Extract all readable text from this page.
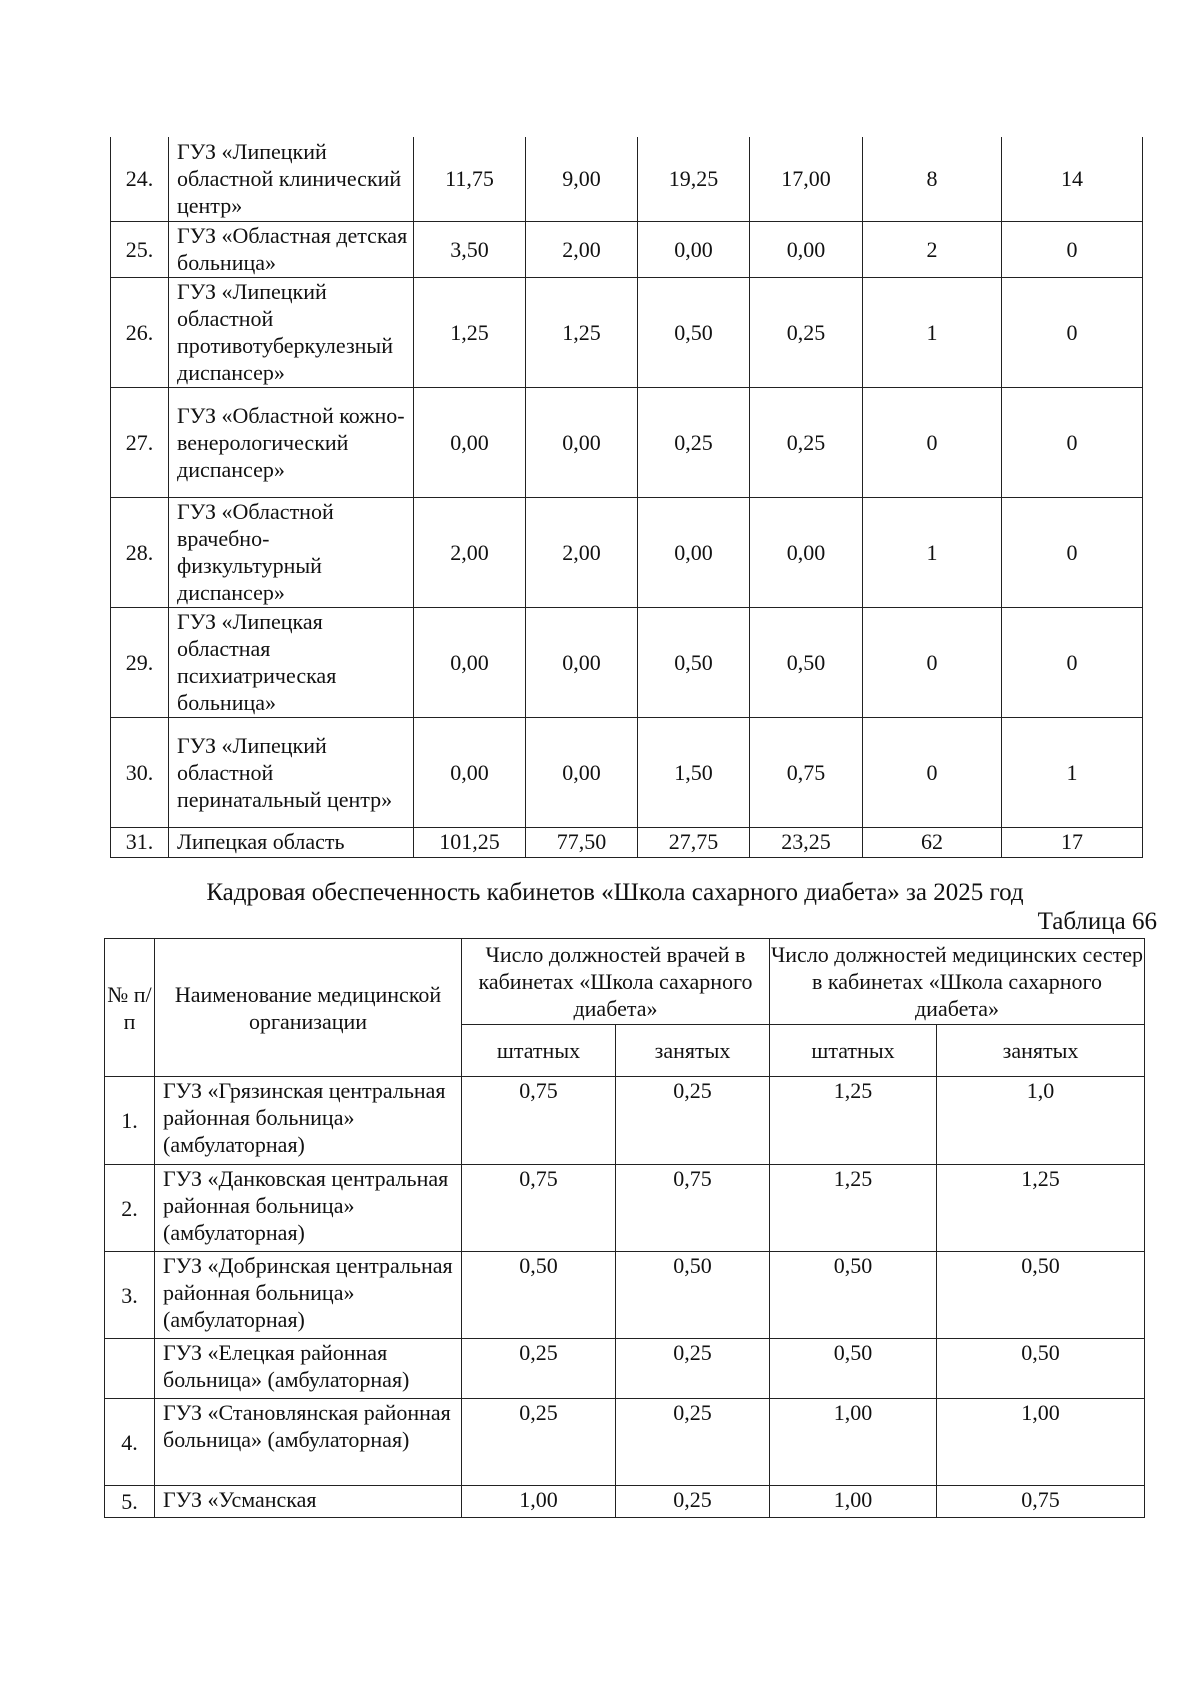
24.	ГУЗ «Липецкий областной клинический центр»	11,75	9,00	19,25	17,00	8	14
25.	ГУЗ «Областная детская больница»	3,50	2,00	0,00	0,00	2	0
26.	ГУЗ «Липецкий областной противотуберкулезный диспансер»	1,25	1,25	0,50	0,25	1	0
27.	ГУЗ «Областной кожно-венерологический диспансер»	0,00	0,00	0,25	0,25	0	0
28.	ГУЗ «Областной врачебно-физкультурный диспансер»	2,00	2,00	0,00	0,00	1	0
29.	ГУЗ «Липецкая областная психиатрическая больница»	0,00	0,00	0,50	0,50	0	0
30.	ГУЗ «Липецкий областной перинатальный центр»	0,00	0,00	1,50	0,75	0	1
31.	Липецкая область	101,25	77,50	27,75	23,25	62	17
Кадровая обеспеченность кабинетов «Школа сахарного диабета» за 2025 год
Таблица 66
№ п/п	Наименование медицинской организации	Число должностей врачей в кабинетах «Школа сахарного диабета»		Число должностей медицинских сестер в кабинетах «Школа сахарного диабета»	
		штатных	занятых	штатных	занятых
1.	ГУЗ «Грязинская центральная районная больница» (амбулаторная)	0,75	0,25	1,25	1,0
2.	ГУЗ «Данковская центральная районная больница» (амбулаторная)	0,75	0,75	1,25	1,25
3.	ГУЗ «Добринская центральная районная больница» (амбулаторная)	0,50	0,50	0,50	0,50
	ГУЗ «Елецкая районная больница» (амбулаторная)	0,25	0,25	0,50	0,50
4.	ГУЗ «Становлянская районная больница» (амбулаторная)	0,25	0,25	1,00	1,00
5.	ГУЗ «Усманская	1,00	0,25	1,00	0,75
